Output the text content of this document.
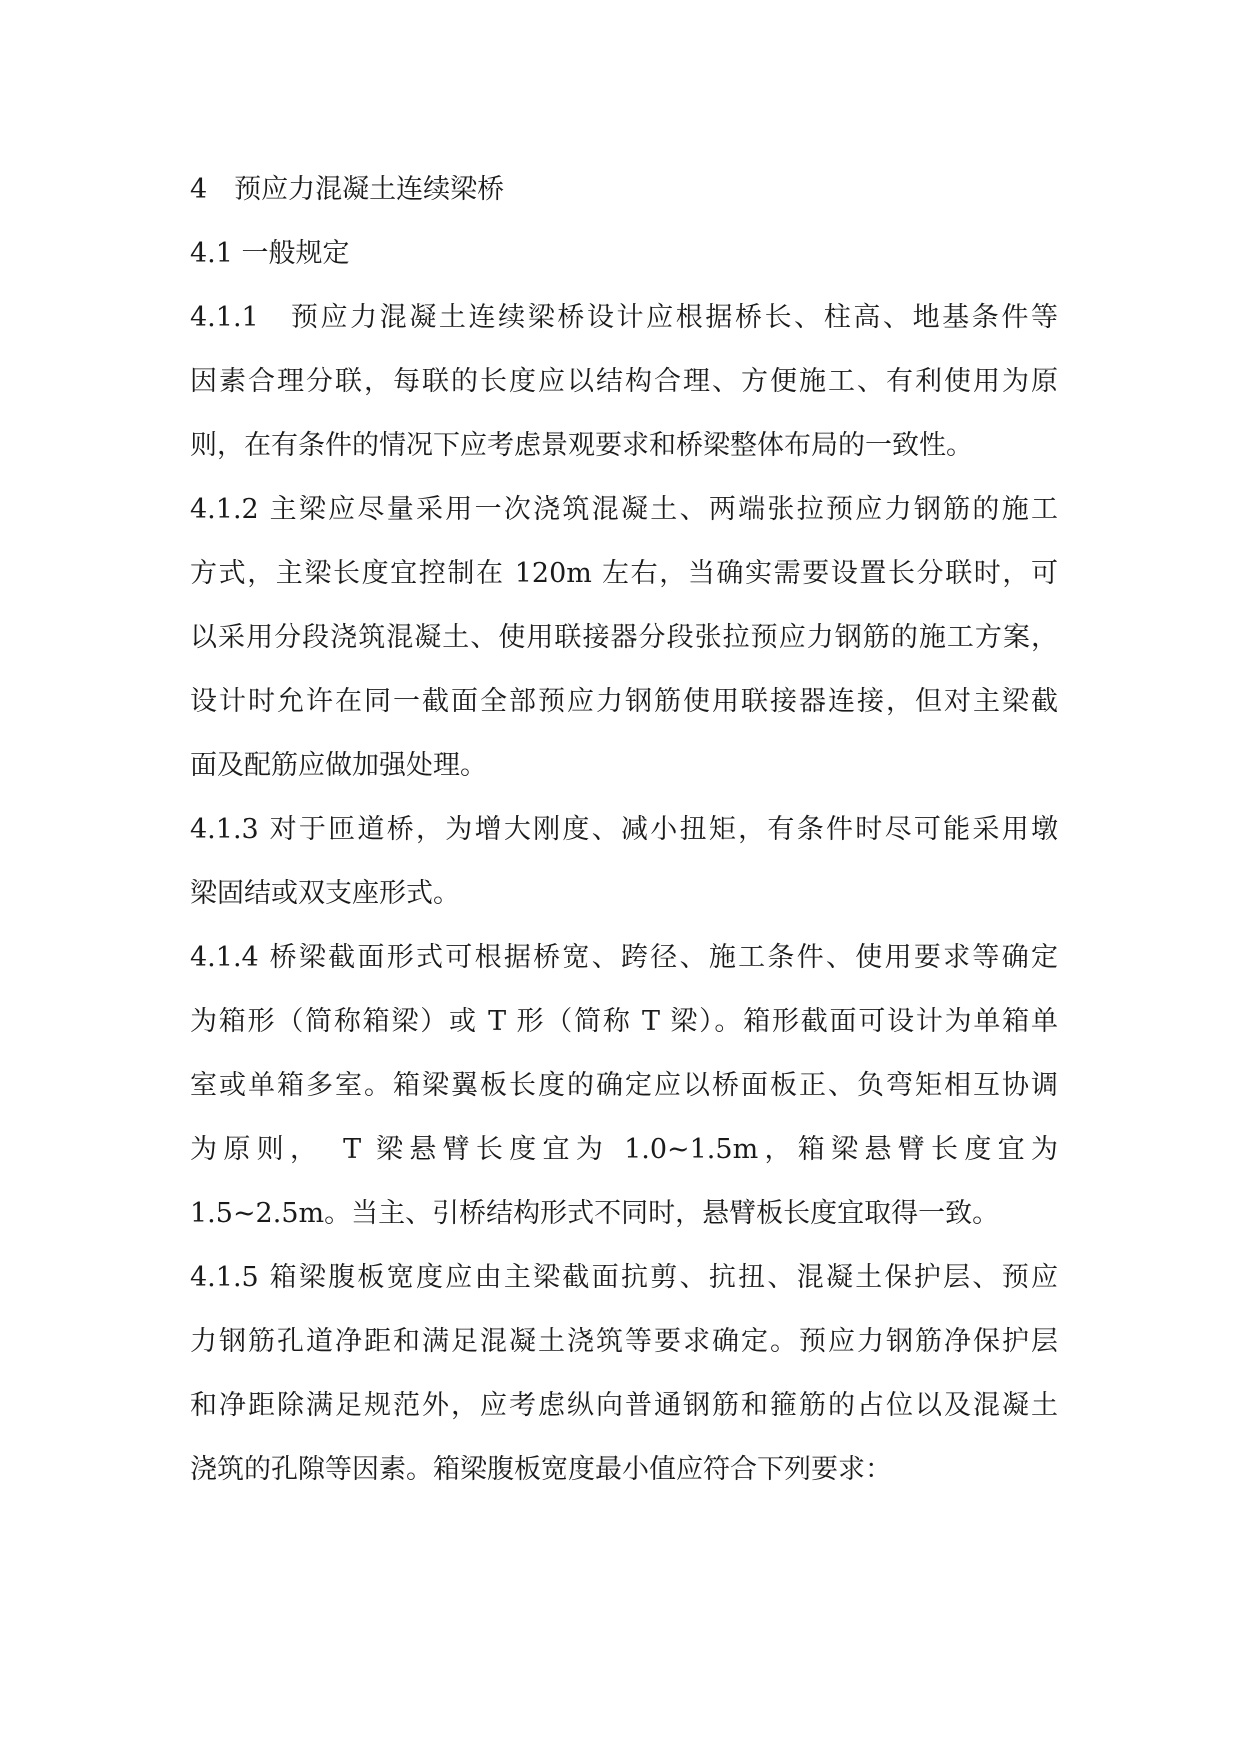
4　预应力混凝土连续梁桥
4.1 一般规定
4.1.1　预应力混凝土连续梁桥设计应根据桥长、柱高、地基条件等
因素合理分联，每联的长度应以结构合理、方便施工、有利使用为原
则，在有条件的情况下应考虑景观要求和桥梁整体布局的一致性。
4.1.2 主梁应尽量采用一次浇筑混凝土、两端张拉预应力钢筋的施工
方式，主梁长度宜控制在 120m 左右，当确实需要设置长分联时，可
以采用分段浇筑混凝土、使用联接器分段张拉预应力钢筋的施工方案，
设计时允许在同一截面全部预应力钢筋使用联接器连接，但对主梁截
面及配筋应做加强处理。
4.1.3 对于匝道桥，为增大刚度、减小扭矩，有条件时尽可能采用墩
梁固结或双支座形式。
4.1.4 桥梁截面形式可根据桥宽、跨径、施工条件、使用要求等确定
为箱形（简称箱梁）或 T 形（简称 T 梁）。箱形截面可设计为单箱单
室或单箱多室。箱梁翼板长度的确定应以桥面板正、负弯矩相互协调
为原则，　T 梁悬臂长度宜为 1.0~1.5m，箱梁悬臂长度宜为
1.5~2.5m。当主、引桥结构形式不同时，悬臂板长度宜取得一致。
4.1.5 箱梁腹板宽度应由主梁截面抗剪、抗扭、混凝土保护层、预应
力钢筋孔道净距和满足混凝土浇筑等要求确定。预应力钢筋净保护层
和净距除满足规范外，应考虑纵向普通钢筋和箍筋的占位以及混凝土
浇筑的孔隙等因素。箱梁腹板宽度最小值应符合下列要求：
